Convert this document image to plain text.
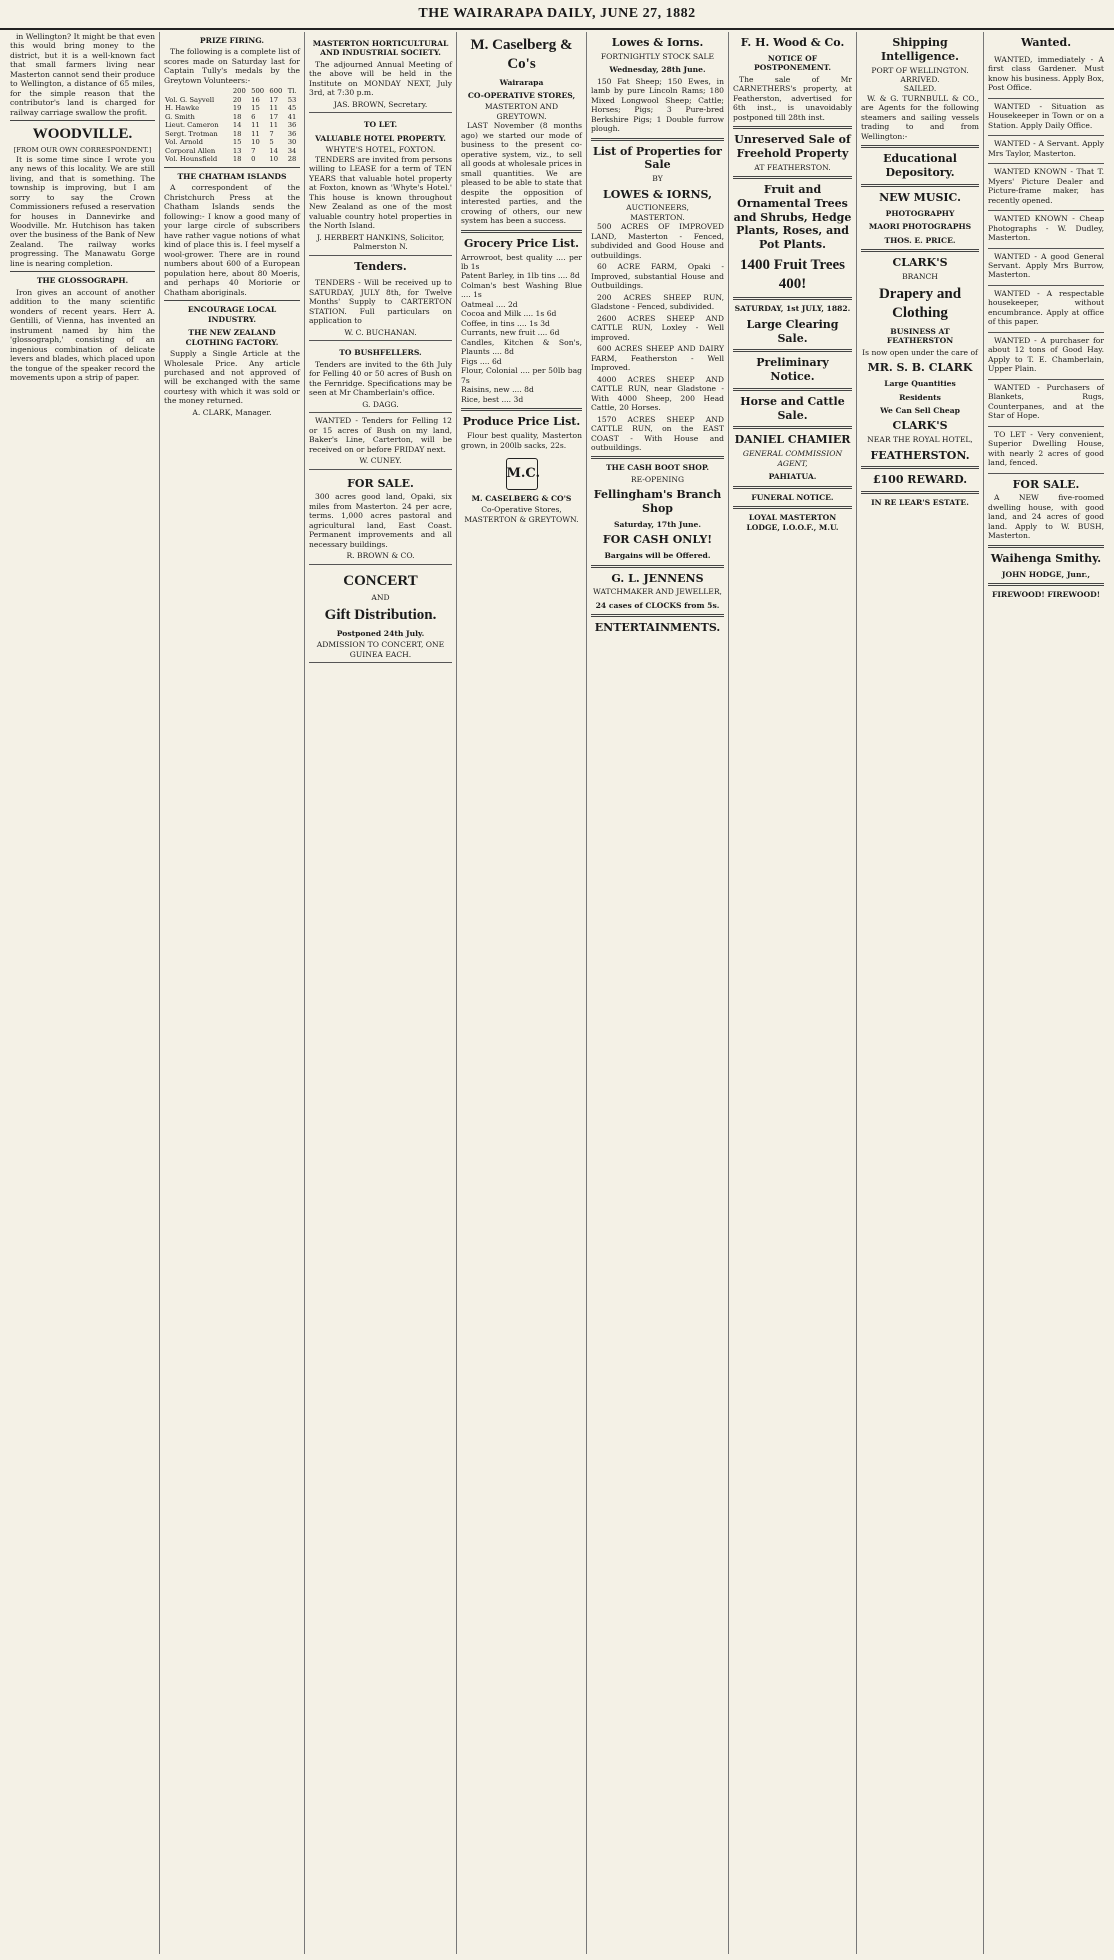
THE WAIRARAPA DAILY, JUNE 27, 1882

in Wellington? It might be that even this would bring money to the district, but it is a well-known fact that small farmers living near Masterton cannot send their produce to Wellington, a distance of 65 miles, for the simple reason that the contributor's land is charged for railway carriage swallow the profit.

WOODVILLE.
[FROM OUR OWN CORRESPONDENT.]

It is some time since I wrote you any news of this locality. We are still living, and that is something. The township is improving, but I am sorry to say the Crown Commissioners refused a reservation for houses in Dannevirke and Woodville. Mr. Hutchison has taken over the business of the Bank of New Zealand. The railway works progressing. The Manawatu Gorge line is nearing completion.

THE GLOSSOGRAPH.

Iron gives an account of another addition to the many scientific wonders of recent years. Herr A. Gentilli, of Vienna, has invented an instrument named by him the 'glossograph,' consisting of an ingenious combination of delicate levers and blades, which placed upon the tongue of the speaker record the movements upon a strip of paper.

PRIZE FIRING.

The following is a complete list of scores made on Saturday last for Captain Tully's medals by the Greytown Volunteers:-

	200	500	600	Tl.
Vol. G. Sayvell	20	16	17	53
H. Hawke	19	15	11	45
G. Smith	18	6	17	41
Lieut. Cameron	14	11	11	36
Sergt. Trotman	18	11	7	36
Vol. Arnold	15	10	5	30
Corporal Allen	13	7	14	34
Vol. Hounsfield	18	0	10	28
THE CHATHAM ISLANDS

A correspondent of the Christchurch Press at the Chatham Islands sends the following:- I know a good many of your large circle of subscribers have rather vague notions of what kind of place this is. I feel myself a wool-grower. There are in round numbers about 600 of a European population here, about 80 Moeris, and perhaps 40 Moriorie or Chatham aboriginals.

ENCOURAGE LOCAL INDUSTRY.
THE NEW ZEALAND CLOTHING FACTORY.

Supply a Single Article at the Wholesale Price. Any article purchased and not approved of will be exchanged with the same courtesy with which it was sold or the money returned.

A. CLARK, Manager.
MASTERTON HORTICULTURAL AND INDUSTRIAL SOCIETY.

The adjourned Annual Meeting of the above will be held in the Institute on MONDAY NEXT, July 3rd, at 7:30 p.m.

JAS. BROWN, Secretary.
TO LET.
VALUABLE HOTEL PROPERTY.
WHYTE'S HOTEL, FOXTON.

TENDERS are invited from persons willing to LEASE for a term of TEN YEARS that valuable hotel property at Foxton, known as 'Whyte's Hotel.' This house is known throughout New Zealand as one of the most valuable country hotel properties in the North Island.

J. HERBERT HANKINS, Solicitor, Palmerston N.
Tenders.

TENDERS - Will be received up to SATURDAY, JULY 8th, for Twelve Months' Supply to CARTERTON STATION. Full particulars on application to

W. C. BUCHANAN.
TO BUSHFELLERS.

Tenders are invited to the 6th July for Felling 40 or 50 acres of Bush on the Fernridge. Specifications may be seen at Mr Chamberlain's office.

G. DAGG.

WANTED - Tenders for Felling 12 or 15 acres of Bush on my land, Baker's Line, Carterton, will be received on or before FRIDAY next.

W. CUNEY.
FOR SALE.

300 acres good land, Opaki, six miles from Masterton. 24 per acre, terms. 1,000 acres pastoral and agricultural land, East Coast. Permanent improvements and all necessary buildings.

R. BROWN & CO.
CONCERT
AND
Gift Distribution.
Postponed 24th July.
ADMISSION TO CONCERT, ONE GUINEA EACH.
M. Caselberg & Co's
Wairarapa
CO-OPERATIVE STORES,
MASTERTON AND GREYTOWN.

LAST November (8 months ago) we started our mode of business to the present co-operative system, viz., to sell all goods at wholesale prices in small quantities. We are pleased to be able to state that despite the opposition of interested parties, and the crowing of others, our new system has been a success.

Grocery Price List.
Arrowroot, best quality .... per lb 1s
Patent Barley, in 1lb tins .... 8d
Colman's best Washing Blue .... 1s
Oatmeal .... 2d
Cocoa and Milk .... 1s 6d
Coffee, in tins .... 1s 3d
Currants, new fruit .... 6d
Candles, Kitchen & Son's, Plaunts .... 8d
Figs .... 6d
Flour, Colonial .... per 50lb bag 7s
Raisins, new .... 8d
Rice, best .... 3d
Produce Price List.

Flour best quality, Masterton grown, in 200lb sacks, 22s.

M.C.
M. CASELBERG & CO'S
Co-Operative Stores,
MASTERTON & GREYTOWN.
Lowes & Iorns.
FORTNIGHTLY STOCK SALE
Wednesday, 28th June.

150 Fat Sheep; 150 Ewes, in lamb by pure Lincoln Rams; 180 Mixed Longwool Sheep; Cattle; Horses; Pigs; 3 Pure-bred Berkshire Pigs; 1 Double furrow plough.

List of Properties for Sale
BY
LOWES & IORNS,
AUCTIONEERS,
MASTERTON.

500 ACRES OF IMPROVED LAND, Masterton - Fenced, subdivided and Good House and outbuildings.

60 ACRE FARM, Opaki - Improved, substantial House and Outbuildings.

200 ACRES SHEEP RUN, Gladstone - Fenced, subdivided.

2600 ACRES SHEEP AND CATTLE RUN, Loxley - Well improved.

600 ACRES SHEEP AND DAIRY FARM, Featherston - Well Improved.

4000 ACRES SHEEP AND CATTLE RUN, near Gladstone - With 4000 Sheep, 200 Head Cattle, 20 Horses.

1570 ACRES SHEEP AND CATTLE RUN, on the EAST COAST - With House and outbuildings.

THE CASH BOOT SHOP.
RE-OPENING
Fellingham's Branch Shop
Saturday, 17th June.
FOR CASH ONLY!
Bargains will be Offered.
G. L. JENNENS
WATCHMAKER AND JEWELLER,
24 cases of CLOCKS from 5s.
ENTERTAINMENTS.
F. H. Wood & Co.
NOTICE OF POSTPONEMENT.

The sale of Mr CARNETHERS's property, at Featherston, advertised for 6th inst., is unavoidably postponed till 28th inst.

Unreserved Sale of Freehold Property
AT FEATHERSTON.
Fruit and Ornamental Trees and Shrubs, Hedge Plants, Roses, and Pot Plants.
1400 Fruit Trees 400!
SATURDAY, 1st JULY, 1882.
Large Clearing Sale.
Preliminary Notice.
Horse and Cattle Sale.
DANIEL CHAMIER
GENERAL COMMISSION AGENT,
PAHIATUA.
FUNERAL NOTICE.
LOYAL MASTERTON LODGE, I.O.O.F., M.U.
Shipping Intelligence.
PORT OF WELLINGTON.
ARRIVED.
SAILED.

W. & G. TURNBULL & CO., are Agents for the following steamers and sailing vessels trading to and from Wellington:-

Educational Depository.
NEW MUSIC.
PHOTOGRAPHY
MAORI PHOTOGRAPHS
THOS. E. PRICE.
CLARK'S
BRANCH
Drapery and Clothing
BUSINESS AT FEATHERSTON
Is now open under the care of
MR. S. B. CLARK
Large Quantities
Residents
We Can Sell Cheap
CLARK'S
NEAR THE ROYAL HOTEL,
FEATHERSTON.
£100 REWARD.
IN RE LEAR'S ESTATE.
Wanted.

WANTED, immediately - A first class Gardener. Must know his business. Apply Box, Post Office.

WANTED - Situation as Housekeeper in Town or on a Station. Apply Daily Office.

WANTED - A Servant. Apply Mrs Taylor, Masterton.

WANTED KNOWN - That T. Myers' Picture Dealer and Picture-frame maker, has recently opened.

WANTED KNOWN - Cheap Photographs - W. Dudley, Masterton.

WANTED - A good General Servant. Apply Mrs Burrow, Masterton.

WANTED - A respectable housekeeper, without encumbrance. Apply at office of this paper.

WANTED - A purchaser for about 12 tons of Good Hay. Apply to T. E. Chamberlain, Upper Plain.

WANTED - Purchasers of Blankets, Rugs, Counterpanes, and at the Star of Hope.

TO LET - Very convenient, Superior Dwelling House, with nearly 2 acres of good land, fenced.

FOR SALE.

A NEW five-roomed dwelling house, with good land, and 24 acres of good land. Apply to W. BUSH, Masterton.

Waihenga Smithy.
JOHN HODGE, Junr.,
FIREWOOD! FIREWOOD!
